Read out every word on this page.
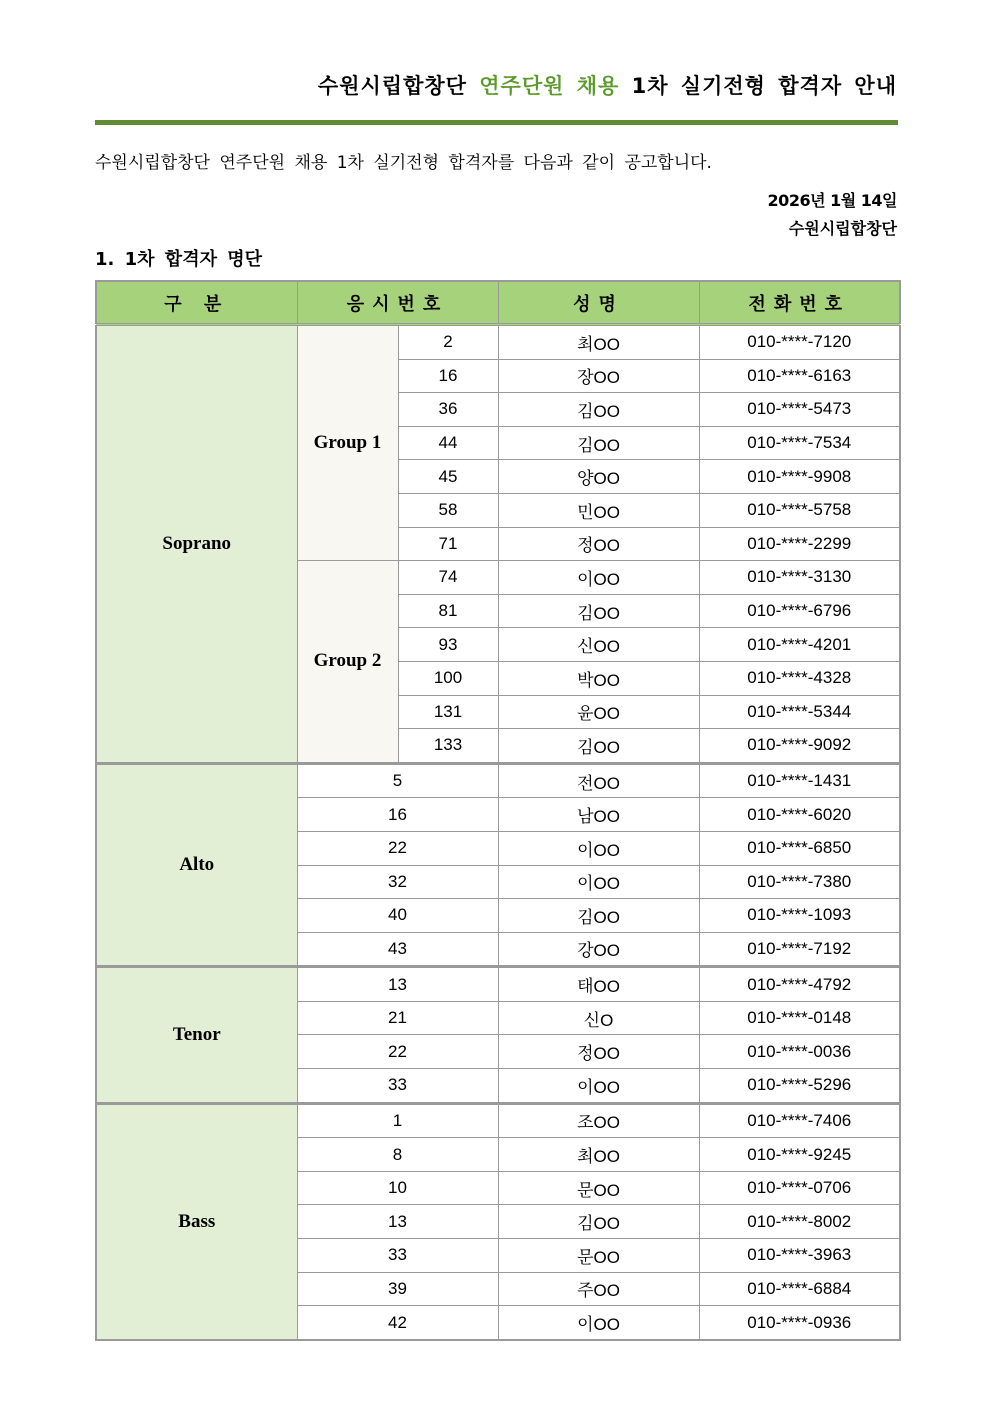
수원시립합창단 연주단원 채용 1차 실기전형 합격자 안내
수원시립합창단 연주단원 채용 1차 실기전형 합격자를 다음과 같이 공고합니다.
2026년 1월 14일
수원시립합창단
1. 1차 합격자 명단
구 분	응시번호		성명	전화번호
Soprano	Group 1	2	최OO	010-****-7120
		16	장OO	010-****-6163
		36	김OO	010-****-5473
		44	김OO	010-****-7534
		45	양OO	010-****-9908
		58	민OO	010-****-5758
		71	정OO	010-****-2299
	Group 2	74	이OO	010-****-3130
		81	김OO	010-****-6796
		93	신OO	010-****-4201
		100	박OO	010-****-4328
		131	윤OO	010-****-5344
		133	김OO	010-****-9092
Alto	5		전OO	010-****-1431
	16		남OO	010-****-6020
	22		이OO	010-****-6850
	32		이OO	010-****-7380
	40		김OO	010-****-1093
	43		강OO	010-****-7192
Tenor	13		태OO	010-****-4792
	21		신O	010-****-0148
	22		정OO	010-****-0036
	33		이OO	010-****-5296
Bass	1		조OO	010-****-7406
	8		최OO	010-****-9245
	10		문OO	010-****-0706
	13		김OO	010-****-8002
	33		문OO	010-****-3963
	39		주OO	010-****-6884
	42		이OO	010-****-0936
